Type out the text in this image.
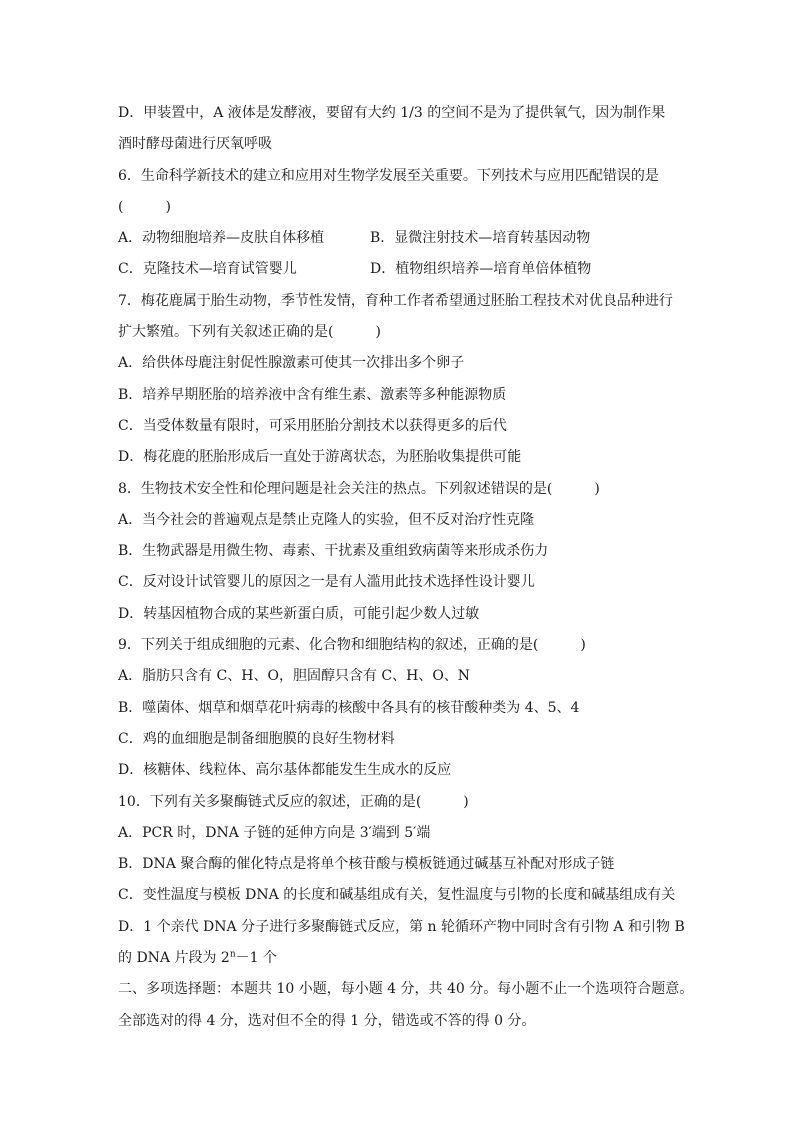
D．甲装置中，A 液体是发酵液，要留有大约 1/3 的空间不是为了提供氧气，因为制作果
酒时酵母菌进行厌氧呼吸
6．生命科学新技术的建立和应用对生物学发展至关重要。下列技术与应用匹配错误的是
(　　　)
A．动物细胞培养—皮肤自体移植	B．显微注射技术—培育转基因动物
C．克隆技术—培育试管婴儿	D．植物组织培养—培育单倍体植物
7．梅花鹿属于胎生动物，季节性发情，育种工作者希望通过胚胎工程技术对优良品种进行
扩大繁殖。下列有关叙述正确的是(　　　)
A．给供体母鹿注射促性腺激素可使其一次排出多个卵子
B．培养早期胚胎的培养液中含有维生素、激素等多种能源物质
C．当受体数量有限时，可采用胚胎分割技术以获得更多的后代
D．梅花鹿的胚胎形成后一直处于游离状态，为胚胎收集提供可能
8．生物技术安全性和伦理问题是社会关注的热点。下列叙述错误的是(　　　)
A．当今社会的普遍观点是禁止克隆人的实验，但不反对治疗性克隆
B．生物武器是用微生物、毒素、干扰素及重组致病菌等来形成杀伤力
C．反对设计试管婴儿的原因之一是有人滥用此技术选择性设计婴儿
D．转基因植物合成的某些新蛋白质，可能引起少数人过敏
9．下列关于组成细胞的元素、化合物和细胞结构的叙述，正确的是(　　　)
A．脂肪只含有 C、H、O，胆固醇只含有 C、H、O、N
B．噬菌体、烟草和烟草花叶病毒的核酸中各具有的核苷酸种类为 4、5、4
C．鸡的血细胞是制备细胞膜的良好生物材料
D．核糖体、线粒体、高尔基体都能发生生成水的反应
10．下列有关多聚酶链式反应的叙述，正确的是(　　　)
A．PCR 时，DNA 子链的延伸方向是 3′端到 5′端
B．DNA 聚合酶的催化特点是将单个核苷酸与模板链通过碱基互补配对形成子链
C．变性温度与模板 DNA 的长度和碱基组成有关，复性温度与引物的长度和碱基组成有关
D．1 个亲代 DNA 分子进行多聚酶链式反应，第 n 轮循环产物中同时含有引物 A 和引物 B
的 DNA 片段为 $2^n-1$ 个
二、多项选择题：本题共 10 小题，每小题 4 分，共 40 分。每小题不止一个选项符合题意。
全部选对的得 4 分，选对但不全的得 1 分，错选或不答的得 0 分。
